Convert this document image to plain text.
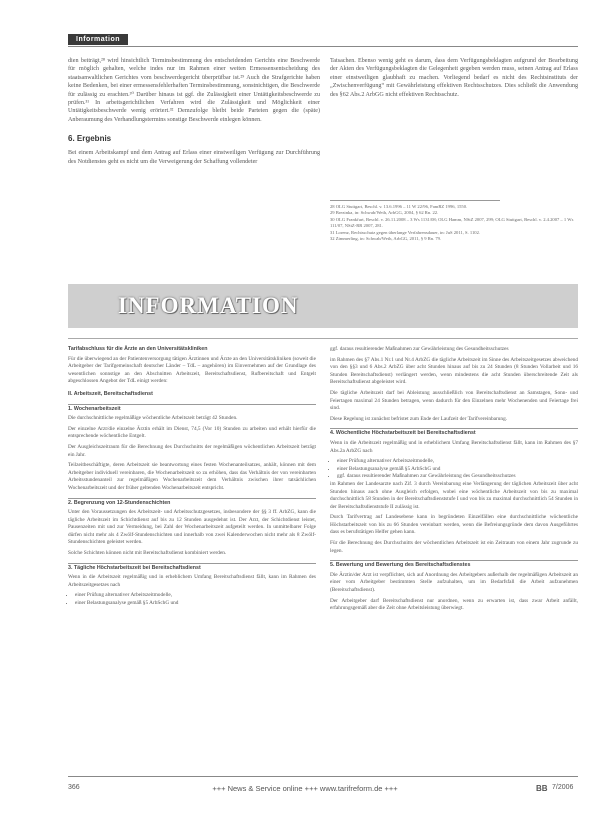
Information

dien beiträgt,²⁸ wird hinsichtlich Terminsbestimmung des entscheidenden Gerichts eine Beschwerde für möglich gehalten, welche indes nur im Rahmen einer weiten Ermessensentscheidung des staatsanwaltlichen Gerichtes vom beschwerdegericht überprüfbar ist.²⁹ Auch die Strafgerichte haben keine Bedenken, bei einer ermessensfehlerhaften Terminsbestimmung, sonstnichtigen, die Beschwerde für zulässig zu erachten.³⁰ Darüber hinaus ist ggf. die Zulässigkeit einer Untätigkeitsbeschwerde zu prüfen.³¹ In arbeitsgerichtlichen Verfahren wird die Zulässigkeit und Möglichkeit einer Untätigkeitsbeschwerde wenig erörtert.³² Demzufolge bleibt beide Parteien gegen die (späte) Anberaumung des Verhandlungstermins sonstige Beschwerde einlegen können.

6. Ergebnis

Bei einem Arbeitskampf und dem Antrag auf Erlass einer einstweiligen Verfügung zur Durchführung des Notdienstes geht es nicht um die Verweigerung der Schaffung vollendeter

Tatsachen. Ebenso wenig geht es darum, dass dem Verfügungsbeklagten aufgrund der Bearbeitung der Akten des Verfügungsbeklagten die Gelegenheit gegeben werden muss, seinen Antrag auf Erlass einer einstweiligen glaubhaft zu machen. Vorliegend bedarf es nicht des Rechtsinstituts der „Zwischenverfügung“ mit Gewährleistung effektiven Rechtsschutzes. Dies schließt die Anwendung des §62 Abs.2 ArbGG nicht effektiven Rechtsschutz.

28 OLG Stuttgart, Beschl. v. 13.6.1996 – 11 W 22/96, FamRZ 1996, 1550.
29 Brezinka, in: Schwab/Weth, ArbGG, 2004, § 62 Rn. 22.
30 OLG Frankfurt, Beschl. v. 26.11.2008 – 3 Ws 1131/08; OLG Hamm, NStZ 2007, 299; OLG Stuttgart, Beschl. v. 2.4.2007 – 1 Ws 111/07, NStZ-RR 2007, 281.
31 Lorenz, Rechtsschutz gegen überlange Verfahrensdauer, in: JuS 2011, S. 1102.
32 Zimmerling, in: Schwab/Weth, ArbGG, 2011, § 9 Rn. 79.
INFORMATION

Tarifabschluss für die Ärzte an den Universitätskliniken

Für die überwiegend an der Patientenversorgung tätigen Ärztinnen und Ärzte an den Universitätskliniken (soweit die Arbeitgeber der Tarifgemeinschaft deutscher Länder – TdL – angehören) im Einvernehmen auf der Grundlage des wesentlichen sonnstige an den Abschnitten Arbeitszeit, Bereitschaftsdienst, Rufbereitschaft und Entgelt abgeschlossen Angebot der TdL einigt werden:

II. Arbeitszeit, Bereitschaftsdienst

1. Wochenarbeitszeit

Die durchschnittliche regelmäßige wöchentliche Arbeitszeit beträgt 42 Stunden.

Der einzelne Arzt/die einzelne Ärztin erhält im Dienst, 74,5 (Vor 10) Stunden zu arbeiten und erhält hierfür die entsprechende wöchentliche Entgelt.

Der Ausgleichszeitraum für die Berechnung des Durchschnitts der regelmäßigen wöchentlichen Arbeitszeit beträgt ein Jahr.

Teilzeitbeschäftigte, deren Arbeitszeit sie beantwortung eines festen Wochenanteilsatzes, anhält, können mit dem Arbeitgeber individuell vereinbaren, die Wochenarbeitszeit so zu erhöhen, dass das Verhältnis der von vereinbarten Arbeitsstundenanteil zur regelmäßigen Wochenarbeitszeit dem Verhältnis zwischen ihrer tatsächlichen Wochenarbeitszeit und der früher geltenden Wochenarbeitszeit entspricht.

2. Begrenzung von 12-Stundenschichten

Unter den Voraussetzungen des Arbeitszeit- und Arbeitsschutzgesetzes, insbesondere der §§ 3 ff. ArbZG, kann die tägliche Arbeitszeit im Schichtdienst auf bis zu 12 Stunden ausgedehnt ist. Der Arzt, der Schichtdienst leistet, Pausenzeiten mit und zur Vermeidung, bei Zahl der Wochenarbeitszeit aufgeteilt werden. In unmittelbarer Folge dürfen nicht mehr als 4 Zwölf-Stundenschichten und innerhalb von zwei Kalenderwochen nicht mehr als 8 Zwölf-Stundenschichten geleistet werden.

Solche Schichten können nicht mit Bereitschaftsdienst kombiniert werden.

3. Tägliche Höchstarbeitszeit bei Bereitschaftsdienst

Wenn in die Arbeitszeit regelmäßig und in erheblichem Umfang Bereitschaftsdienst fällt, kann im Rahmen des Arbeitszeitgesetzes nach

• einer Prüfung alternativer Arbeitszeitmodelle,
• einer Belastungsanalyse gemäß §5 ArbSchG und

ggf. daraus resultierender Maßnahmen zur Gewährleistung des Gesundheitsschutzes

im Rahmen des §7 Abs.1 Nr.1 und Nr.4 ArbZG die tägliche Arbeitszeit im Sinne des Arbeitszeitgesetzes abweichend von den §§3 und 6 Abs.2 ArbZG über acht Stunden hinaus auf bis zu 24 Stunden (8 Stunden Vollarbeit und 16 Stunden Bereitschaftsdienst) verlängert werden, wenn mindestens die acht Stunden überschreitende Zeit als Bereitschaftsdienst abgeleistet wird.

Die tägliche Arbeitszeit darf bei Ableistung ausschließlich von Bereitschaftsdienst an Samstagen, Sonn- und Feiertagen maximal 24 Stunden betragen, wenn dadurch für den Einzelnen mehr Wochenenden und Feiertage frei sind.

Diese Regelung ist zunächst befristet zum Ende der Laufzeit der Tarifvereinbarung.

4. Wöchentliche Höchstarbeitszeit bei Bereitschaftsdienst

Wenn in die Arbeitszeit regelmäßig und in erheblichem Umfang Bereitschaftsdienst fällt, kann im Rahmen des §7 Abs.2a ArbZG nach

• einer Prüfung alternativer Arbeitszeitmodelle,
• einer Belastungsanalyse gemäß §5 ArbSchG und
• ggf. daraus resultierender Maßnahmen zur Gewährleistung des Gesundheitsschutzes

im Rahmen der Landesarzte nach Zif. 3 durch Vereinbarung eine Verlängerung der täglichen Arbeitszeit über acht Stunden hinaus auch ohne Ausgleich erfolgen, wobei eine wöchentliche Arbeitszeit von bis zu maximal durchschnittlich 58 Stunden in der Bereitschaftsdienststufe I und von bis zu maximal durchschnittlich 54 Stunden in der Bereitschaftsdienststufe II zulässig ist.

Durch Tarifvertrag auf Landesebene kann in begründeten Einzelfällen eine durchschnittliche wöchentliche Höchstarbeitszeit von bis zu 66 Stunden vereinbart werden, wenn die Befreiungsgründe dem davon Ausgeführtes dass es berufstätigen Helfer gehen kann.

Für die Berechnung des Durchschnitts der wöchentlichen Arbeitszeit ist ein Zeitraum von einem Jahr zugrunde zu legen.

5. Bewertung und Bewertung des Bereitschaftsdienstes

Die Ärztin/der Arzt ist verpflichtet, sich auf Anordnung des Arbeitgebers außerhalb der regelmäßigen Arbeitszeit an einer vom Arbeitgeber bestimmten Stelle aufzuhalten, um im Bedarfsfall die Arbeit aufzunehmen (Bereitschaftsdienst).

Der Arbeitgeber darf Bereitschaftsdienst nur anordnen, wenn zu erwarten ist, dass zwar Arbeit anfällt, erfahrungsgemäß aber die Zeit ohne Arbeitsleistung überwiegt.

366	+++ News & Service online +++ www.tarifreform.de +++	BB 7/2006
